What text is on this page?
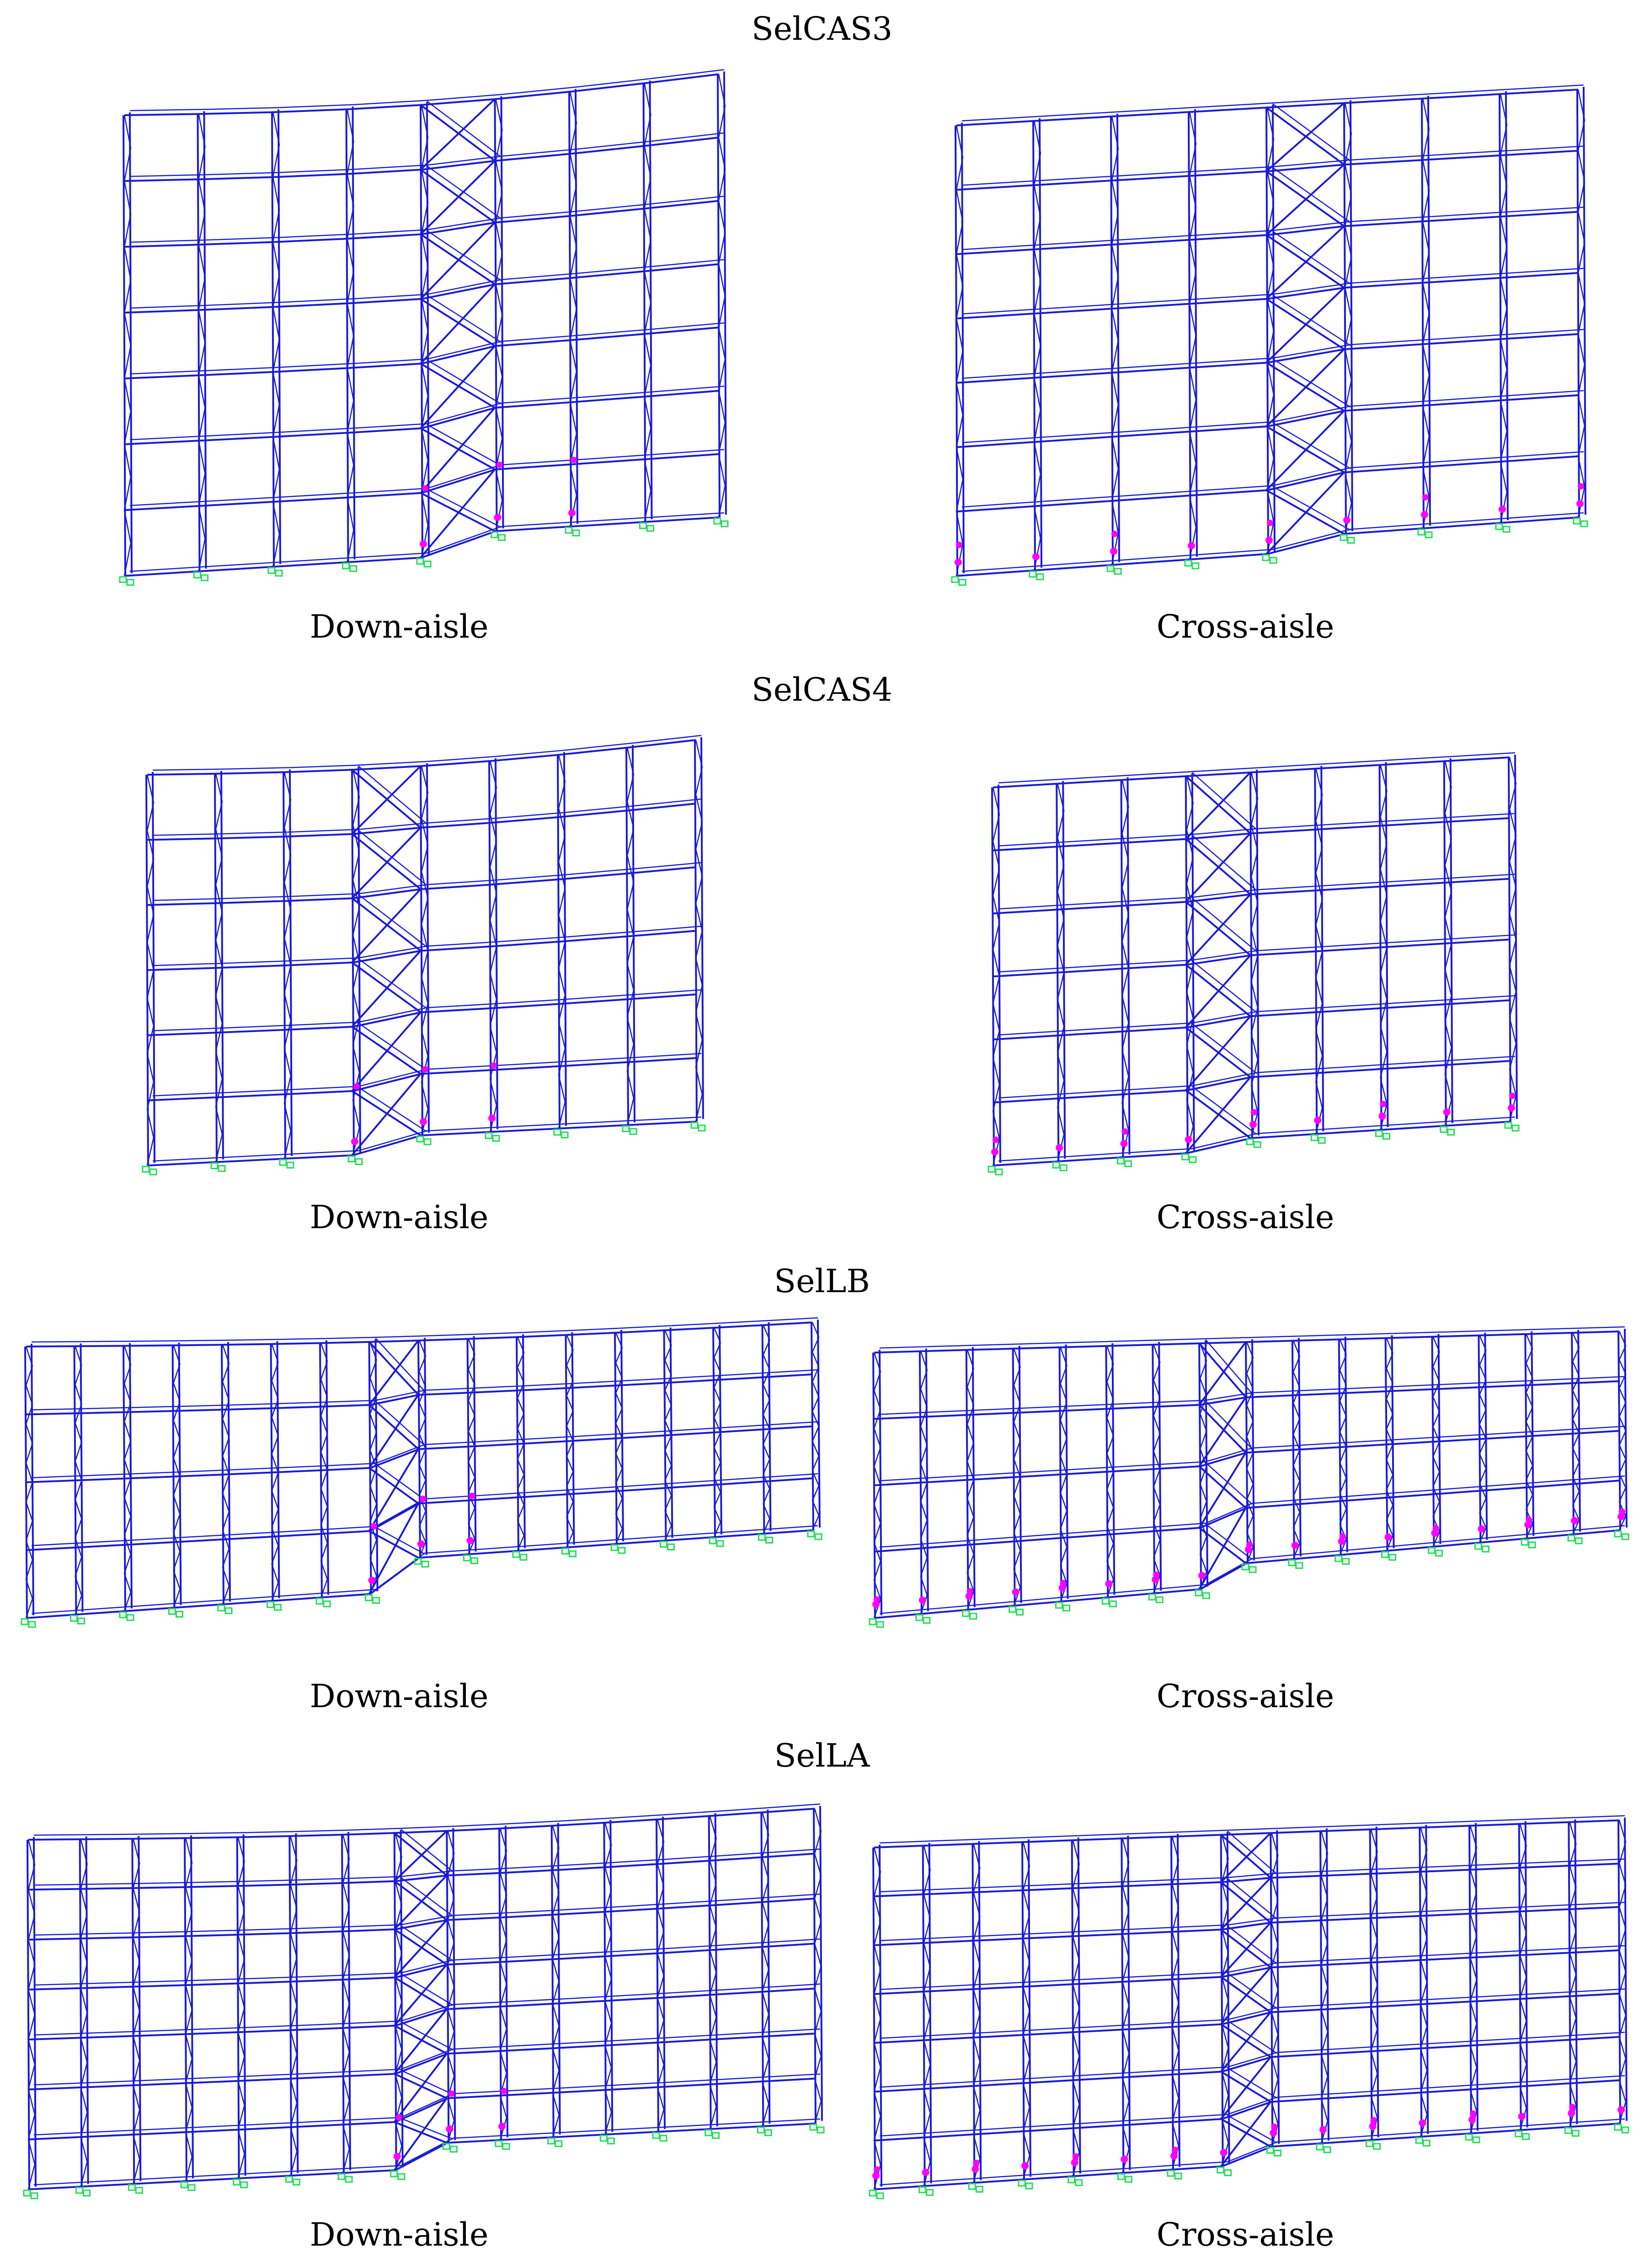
SelCAS3
Down-aisle	Cross-aisle
SelCAS4
Down-aisle	Cross-aisle
SelLB
Down-aisle	Cross-aisle
SelLA
Down-aisle	Cross-aisle
